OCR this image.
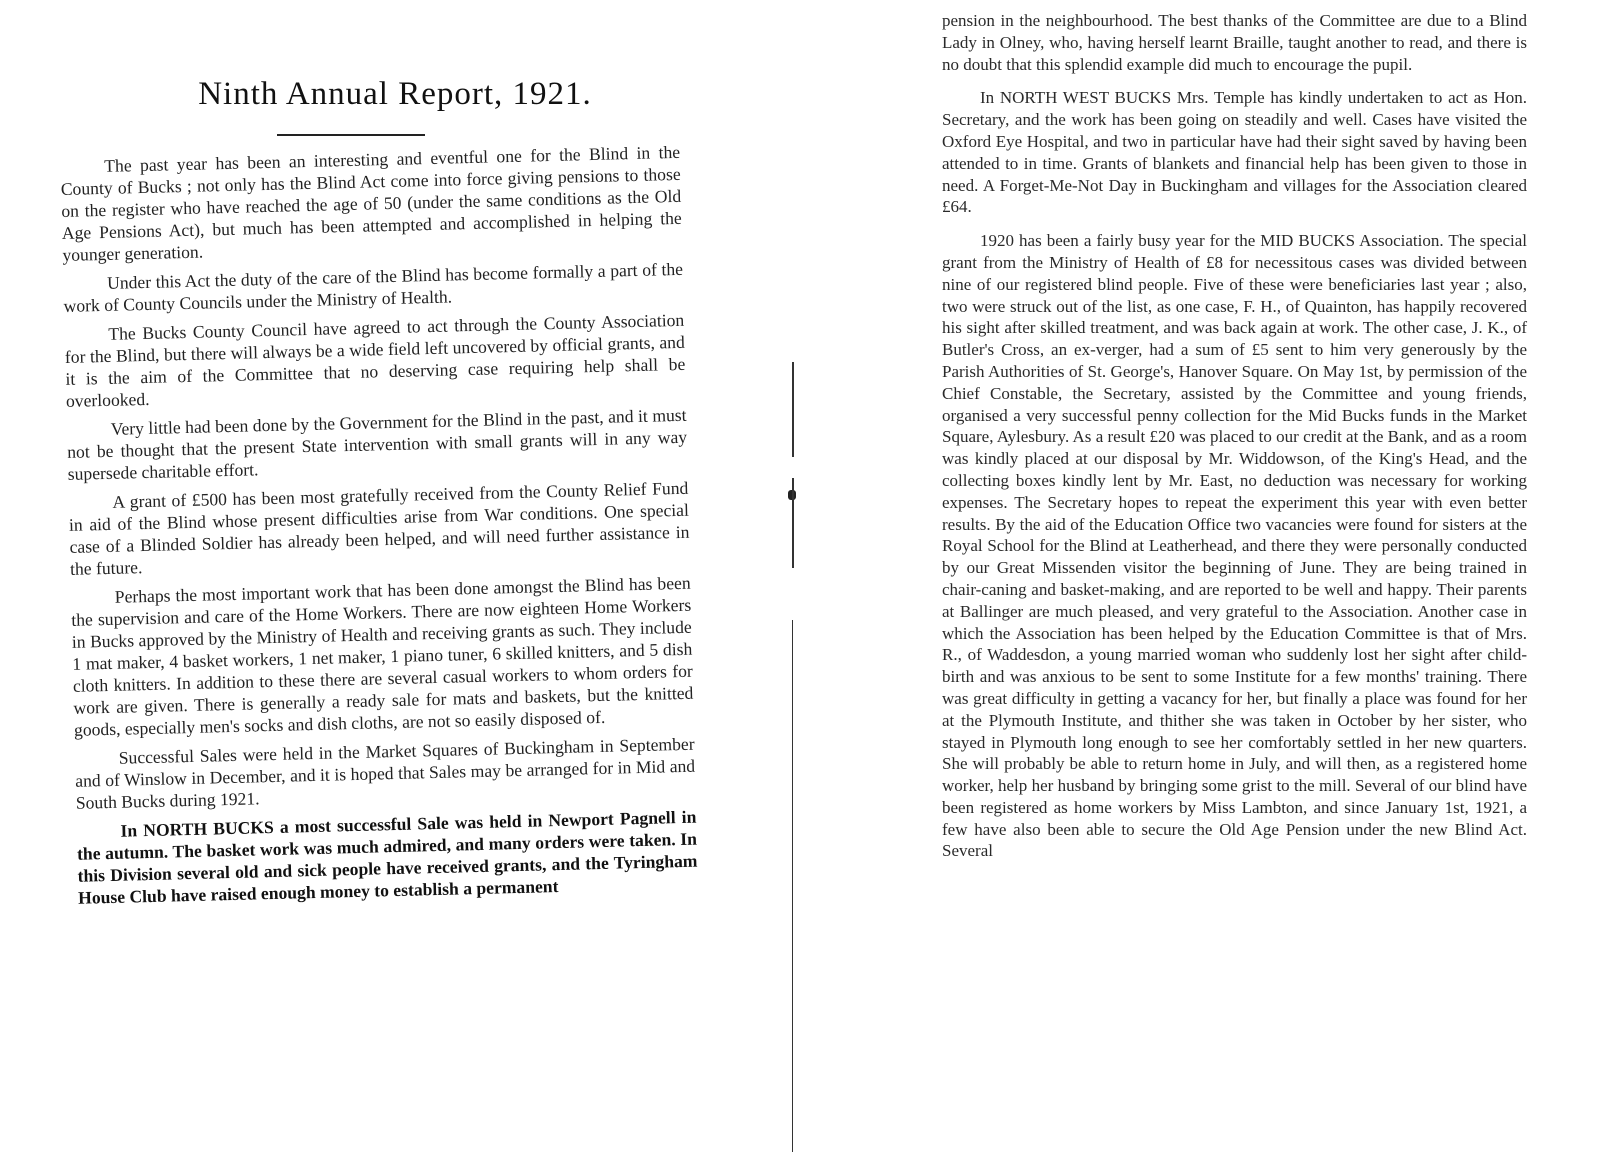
Ninth Annual Report, 1921.

The past year has been an interesting and eventful one for the Blind in the County of Bucks ; not only has the Blind Act come into force giving pensions to those on the register who have reached the age of 50 (under the same conditions as the Old Age Pensions Act), but much has been attempted and accomplished in helping the younger generation.

Under this Act the duty of the care of the Blind has become formally a part of the work of County Councils under the Ministry of Health.

The Bucks County Council have agreed to act through the County Association for the Blind, but there will always be a wide field left uncovered by official grants, and it is the aim of the Committee that no deserving case requiring help shall be overlooked.

Very little had been done by the Government for the Blind in the past, and it must not be thought that the present State intervention with small grants will in any way supersede charitable effort.

A grant of £500 has been most gratefully received from the County Relief Fund in aid of the Blind whose present difficulties arise from War conditions. One special case of a Blinded Soldier has already been helped, and will need further assistance in the future.

Perhaps the most important work that has been done amongst the Blind has been the supervision and care of the Home Workers. There are now eighteen Home Workers in Bucks approved by the Ministry of Health and receiving grants as such. They include 1 mat maker, 4 basket workers, 1 net maker, 1 piano tuner, 6 skilled knitters, and 5 dish cloth knitters. In addition to these there are several casual workers to whom orders for work are given. There is generally a ready sale for mats and baskets, but the knitted goods, especially men's socks and dish cloths, are not so easily disposed of.

Successful Sales were held in the Market Squares of Buckingham in September and of Winslow in December, and it is hoped that Sales may be arranged for in Mid and South Bucks during 1921.

In NORTH BUCKS a most successful Sale was held in Newport Pagnell in the autumn. The basket work was much admired, and many orders were taken. In this Division several old and sick people have received grants, and the Tyringham House Club have raised enough money to establish a permanent

pension in the neighbourhood. The best thanks of the Committee are due to a Blind Lady in Olney, who, having herself learnt Braille, taught another to read, and there is no doubt that this splendid example did much to encourage the pupil.

In NORTH WEST BUCKS Mrs. Temple has kindly undertaken to act as Hon. Secretary, and the work has been going on steadily and well. Cases have visited the Oxford Eye Hospital, and two in particular have had their sight saved by having been attended to in time. Grants of blankets and financial help has been given to those in need. A Forget-Me-Not Day in Buckingham and villages for the Association cleared £64.

1920 has been a fairly busy year for the MID BUCKS Association. The special grant from the Ministry of Health of £8 for necessitous cases was divided between nine of our registered blind people. Five of these were beneficiaries last year ; also, two were struck out of the list, as one case, F. H., of Quainton, has happily recovered his sight after skilled treatment, and was back again at work. The other case, J. K., of Butler's Cross, an ex-verger, had a sum of £5 sent to him very generously by the Parish Authorities of St. George's, Hanover Square. On May 1st, by permission of the Chief Constable, the Secretary, assisted by the Committee and young friends, organised a very successful penny collection for the Mid Bucks funds in the Market Square, Aylesbury. As a result £20 was placed to our credit at the Bank, and as a room was kindly placed at our disposal by Mr. Widdowson, of the King's Head, and the collecting boxes kindly lent by Mr. East, no deduction was necessary for working expenses. The Secretary hopes to repeat the experiment this year with even better results. By the aid of the Education Office two vacancies were found for sisters at the Royal School for the Blind at Leatherhead, and there they were personally conducted by our Great Missenden visitor the beginning of June. They are being trained in chair-caning and basket-making, and are reported to be well and happy. Their parents at Ballinger are much pleased, and very grateful to the Association. Another case in which the Association has been helped by the Education Committee is that of Mrs. R., of Waddesdon, a young married woman who suddenly lost her sight after child-birth and was anxious to be sent to some Institute for a few months' training. There was great difficulty in getting a vacancy for her, but finally a place was found for her at the Plymouth Institute, and thither she was taken in October by her sister, who stayed in Plymouth long enough to see her comfortably settled in her new quarters. She will probably be able to return home in July, and will then, as a registered home worker, help her husband by bringing some grist to the mill. Several of our blind have been registered as home workers by Miss Lambton, and since January 1st, 1921, a few have also been able to secure the Old Age Pension under the new Blind Act. Several
